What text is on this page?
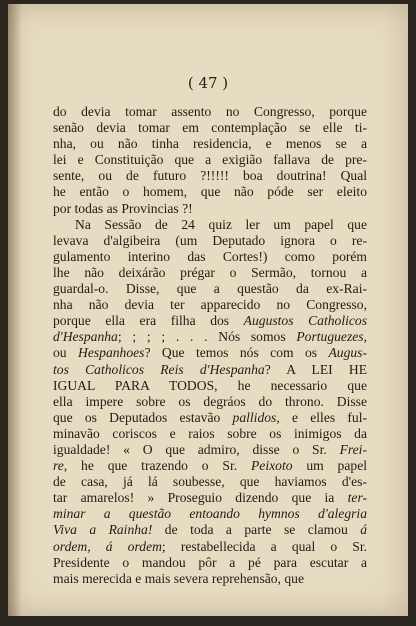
( 47 )
do devia tomar assento no Congresso, porque
senão devia tomar em contemplação se elle ti-
nha, ou não tinha residencia, e menos se a
lei e Constituição que a exigião fallava de pre-
sente, ou de futuro ?!!!!! boa doutrina! Qual
he então o homem, que não póde ser eleito
por todas as Provincias ?!
Na Sessão de 24 quiz ler um papel que
levava d'algibeira (um Deputado ignora o re-
gulamento interino das Cortes!) como porém
lhe não deixárão prégar o Sermão, tornou a
guardal-o. Disse, que a questão da ex-Rai-
nha não devia ter apparecido no Congresso,
porque ella era filha dos Augustos Catholicos
d'Hespanha; ; ; ; . . . Nós somos Portuguezes,
ou Hespanhoes? Que temos nós com os Augus-
tos Catholicos Reis d'Hespanha? A LEI HE
IGUAL PARA TODOS, he necessario que
ella impere sobre os degráos do throno. Disse
que os Deputados estavão pallidos, e elles ful-
minavão coriscos e raios sobre os inimigos da
igualdade! « O que admiro, disse o Sr. Frei-
re, he que trazendo o Sr. Peixoto um papel
de casa, já lá soubesse, que haviamos d'es-
tar amarelos! » Proseguio dizendo que ia ter-
minar a questão entoando hymnos d'alegria
Viva a Rainha! de toda a parte se clamou á
ordem, á ordem; restabellecida a qual o Sr.
Presidente o mandou pôr a pé para escutar a
mais merecida e mais severa reprehensão, que
